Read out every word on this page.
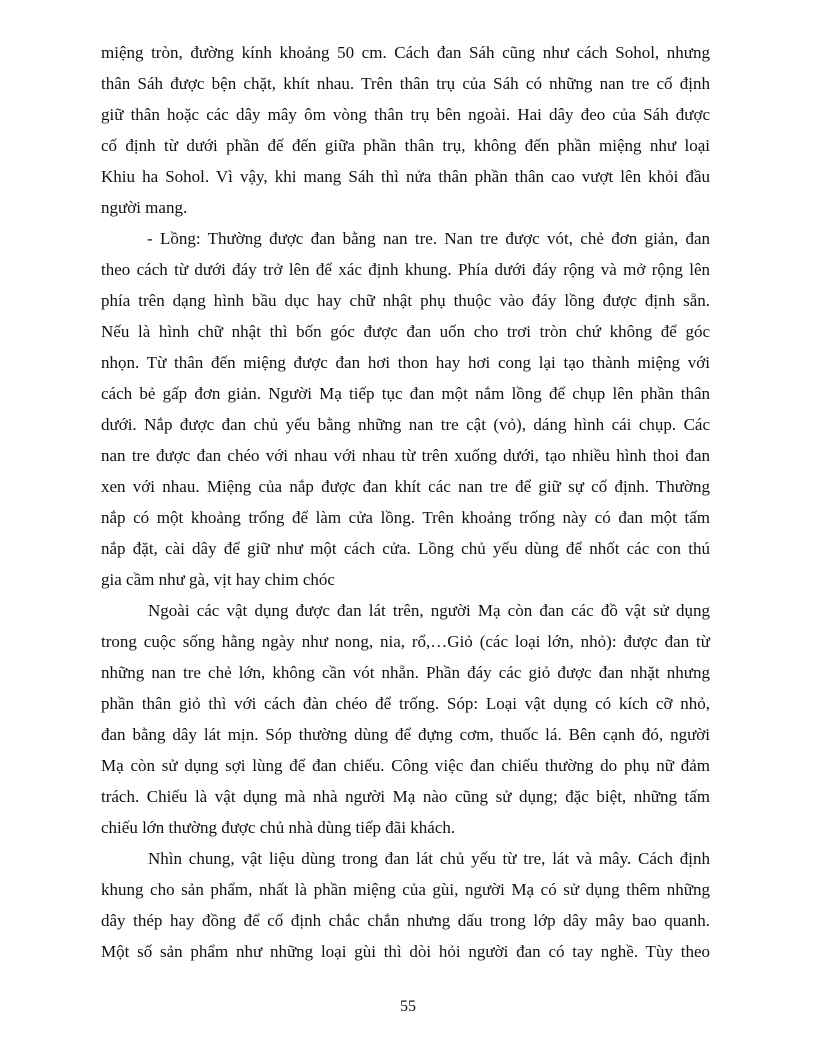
miệng tròn, đường kính khoảng 50 cm. Cách đan Sáh cũng như cách Sohol, nhưng
thân Sáh được bện chặt, khít nhau. Trên thân trụ của Sáh có những nan tre cố định
giữ thân hoặc các dây mây ôm vòng thân trụ bên ngoài. Hai dây đeo của Sáh được
cố định từ dưới phần đế đến giữa phần thân trụ, không đến phần miệng như loại
Khiu ha Sohol. Vì vậy, khi mang Sáh thì nửa thân phần thân cao vượt lên khỏi đầu
người mang.
- Lồng: Thường được đan bằng nan tre. Nan tre được vót, chẻ đơn giản, đan
theo cách từ dưới đáy trở lên để xác định khung. Phía dưới đáy rộng và mở rộng lên
phía trên dạng hình bầu dục hay chữ nhật phụ thuộc vào đáy lồng được định sẵn.
Nếu là hình chữ nhật thì bốn góc được đan uốn cho trơi tròn chứ không để góc
nhọn. Từ thân đến miệng được đan hơi thon hay hơi cong lại tạo thành miệng với
cách bẻ gấp đơn giản. Người Mạ tiếp tục đan một nắm lồng để chụp lên phần thân
dưới. Nắp được đan chủ yếu bằng những nan tre cật (vỏ), dáng hình cái chụp. Các
nan tre được đan chéo với nhau với nhau từ trên xuống dưới, tạo nhiều hình thoi đan
xen với nhau. Miệng của nắp được đan khít các nan tre để giữ sự cố định. Thường
nắp có một khoảng trống để làm cửa lồng. Trên khoảng trống này có đan một tấm
nắp đặt, cài dây để giữ như một cách cửa. Lồng chủ yếu dùng để nhốt các con thú
gia cầm như gà, vịt hay chim chóc
Ngoài các vật dụng được đan lát trên, người Mạ còn đan các đồ vật sử dụng
trong cuộc sống hằng ngày như nong, nia, rổ,…Giỏ (các loại lớn, nhỏ): được đan từ
những nan tre chẻ lớn, không cần vót nhẵn. Phần đáy các giỏ được đan nhặt nhưng
phần thân giỏ thì với cách đàn chéo để trống. Sóp: Loại vật dụng có kích cỡ nhỏ,
đan bằng dây lát mịn. Sóp thường dùng để đựng cơm, thuốc lá. Bên cạnh đó, người
Mạ còn sử dụng sợi lùng để đan chiếu. Công việc đan chiếu thường do phụ nữ đảm
trách. Chiếu là vật dụng mà nhà người Mạ nào cũng sử dụng; đặc biệt, những tấm
chiếu lớn thường được chủ nhà dùng tiếp đãi khách.
Nhìn chung, vật liệu dùng trong đan lát chủ yếu từ tre, lát và mây. Cách định
khung cho sản phẩm, nhất là phần miệng của gùi, người Mạ có sử dụng thêm những
dây thép hay đồng để cố định chắc chắn nhưng dấu trong lớp dây mây bao quanh.
Một số sản phẩm như những loại gùi thì dòi hỏi người đan có tay nghề. Tùy theo
55
